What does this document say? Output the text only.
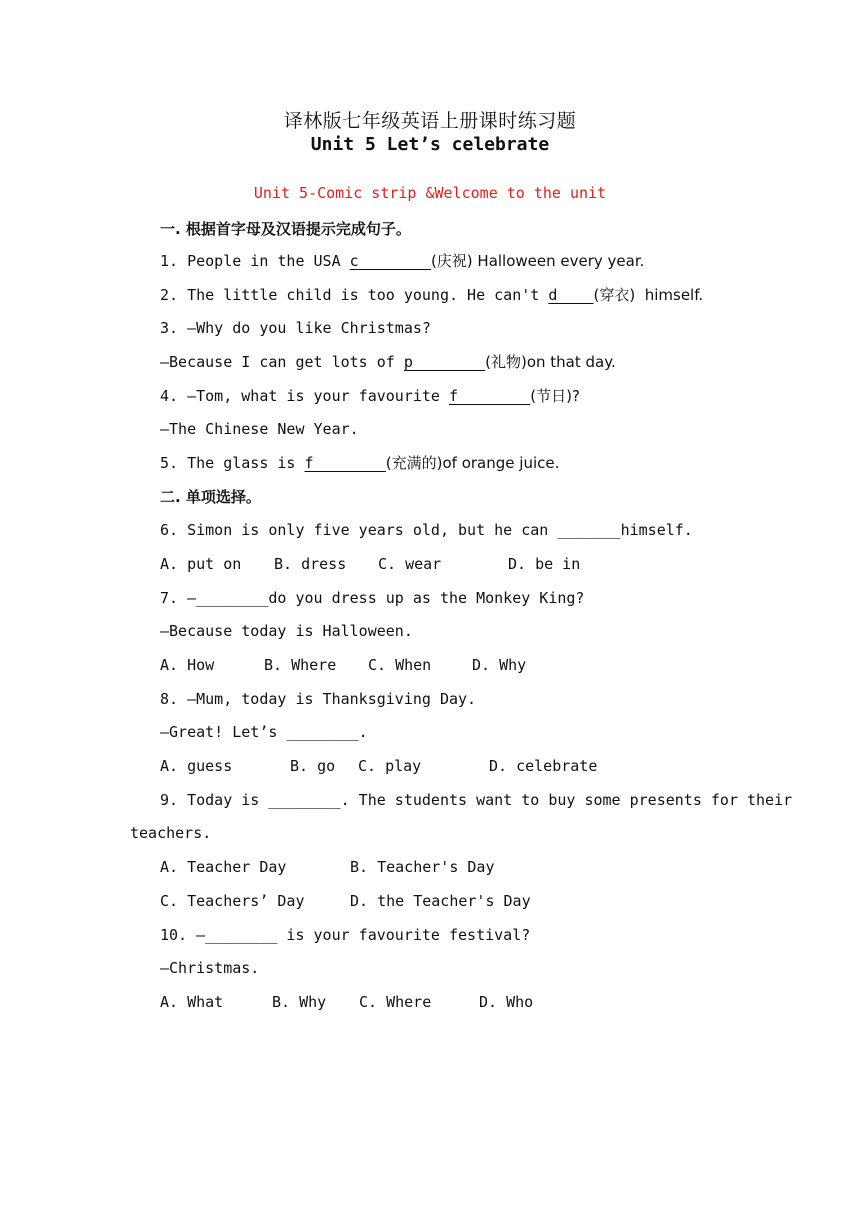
译林版七年级英语上册课时练习题
Unit 5 Let’s celebrate
Unit 5-Comic strip &Welcome to the unit
一. 根据首字母及汉语提示完成句子。
1. People in the USA c________(庆祝) Halloween every year.
2. The little child is too young. He can't d____(穿衣)  himself.
3. —Why do you like Christmas?
—Because I can get lots of p________(礼物)on that day.
4. —Tom, what is your favourite f________(节日)?
—The Chinese New Year.
5. The glass is f________(充满的)of orange juice.
二. 单项选择。
6. Simon is only five years old, but he can _______himself.
A. put on B. dress C. wear	D. be in
7. —________do you dress up as the Monkey King?
—Because today is Halloween.
A. How	B. Where C. When	D. Why
8. —Mum, today is Thanksgiving Day.
—Great! Let’s ________.
A. guess	B. go C. play	D. celebrate
9. Today is ________. The students want to buy some presents for their
teachers.
A. Teacher Day	B. Teacher's Day
C. Teachers’ Day	D. the Teacher's Day
10. —________ is your favourite festival?
—Christmas.
A. What	B. Why C. Where	D. Who
